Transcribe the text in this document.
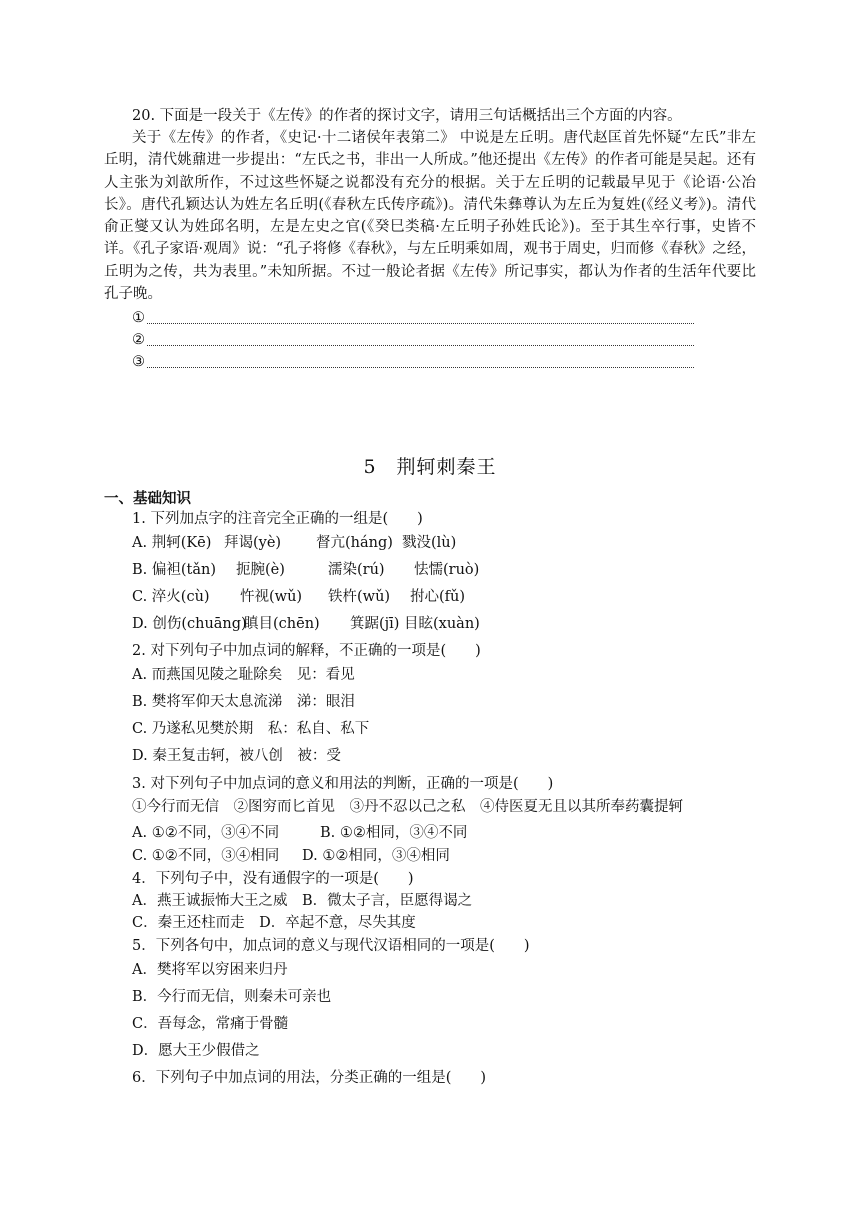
20. 下面是一段关于《左传》的作者的探讨文字，请用三句话概括出三个方面的内容。
关于《左传》的作者，《史记·十二诸侯年表第二》 中说是左丘明。唐代赵匡首先怀疑“左氏”非左丘明，清代姚鼐进一步提出：“左氏之书，非出一人所成。”他还提出《左传》的作者可能是吴起。还有人主张为刘歆所作，不过这些怀疑之说都没有充分的根据。关于左丘明的记载最早见于《论语·公冶长》。唐代孔颖达认为姓左名丘明(《春秋左氏传序疏》)。清代朱彝尊认为左丘为复姓(《经义考》)。清代俞正燮又认为姓邱名明，左是左史之官(《癸巳类稿·左丘明子孙姓氏论》)。至于其生卒行事，史皆不详。《孔子家语·观周》说：“孔子将修《春秋》，与左丘明乘如周，观书于周史，归而修《春秋》之经，丘明为之传，共为表里。”未知所据。不过一般论者据《左传》所记事实，都认为作者的生活年代要比孔子晚。
①
②
③
5　荆轲刺秦王
一、基础知识
1. 下列加点字的注音完全正确的一组是(　　)
A. 荆轲(Kē) 拜谒(yè) 督亢(háng) 戮没(lù)
B. 偏袒(tǎn) 扼腕(è)	濡染(rú) 怯懦(ruò)
C. 淬火(cù) 忤视(wǔ) 铁杵(wǔ) 拊心(fǔ)
D. 创伤(chuāng)瞋目(chēn) 箕踞(jī) 目眩(xuàn)
2. 对下列句子中加点词的解释，不正确的一项是(　　)
A. 而燕国见陵之耻除矣　见：看见
B. 樊将军仰天太息流涕　涕：眼泪
C. 乃遂私见樊於期　私：私自、私下
D. 秦王复击轲，被八创　被：受
3. 对下列句子中加点词的意义和用法的判断，正确的一项是(　　)
①今行而无信　②图穷而匕首见　③丹不忍以己之私　④侍医夏无且以其所奉药囊提轲
A. ①②不同，③④不同	B. ①②相同，③④不同
C. ①②不同，③④相同 D. ①②相同，③④相同
4．下列句子中，没有通假字的一项是(　　)
A．燕王诚振怖大王之威　B．微太子言，臣愿得谒之
C．秦王还柱而走　D．卒起不意，尽失其度
5．下列各句中，加点词的意义与现代汉语相同的一项是(　　)
A．樊将军以穷困来归丹
B．今行而无信，则秦未可亲也
C．吾每念，常痛于骨髓
D．愿大王少假借之
6．下列句子中加点词的用法，分类正确的一组是(　　)
